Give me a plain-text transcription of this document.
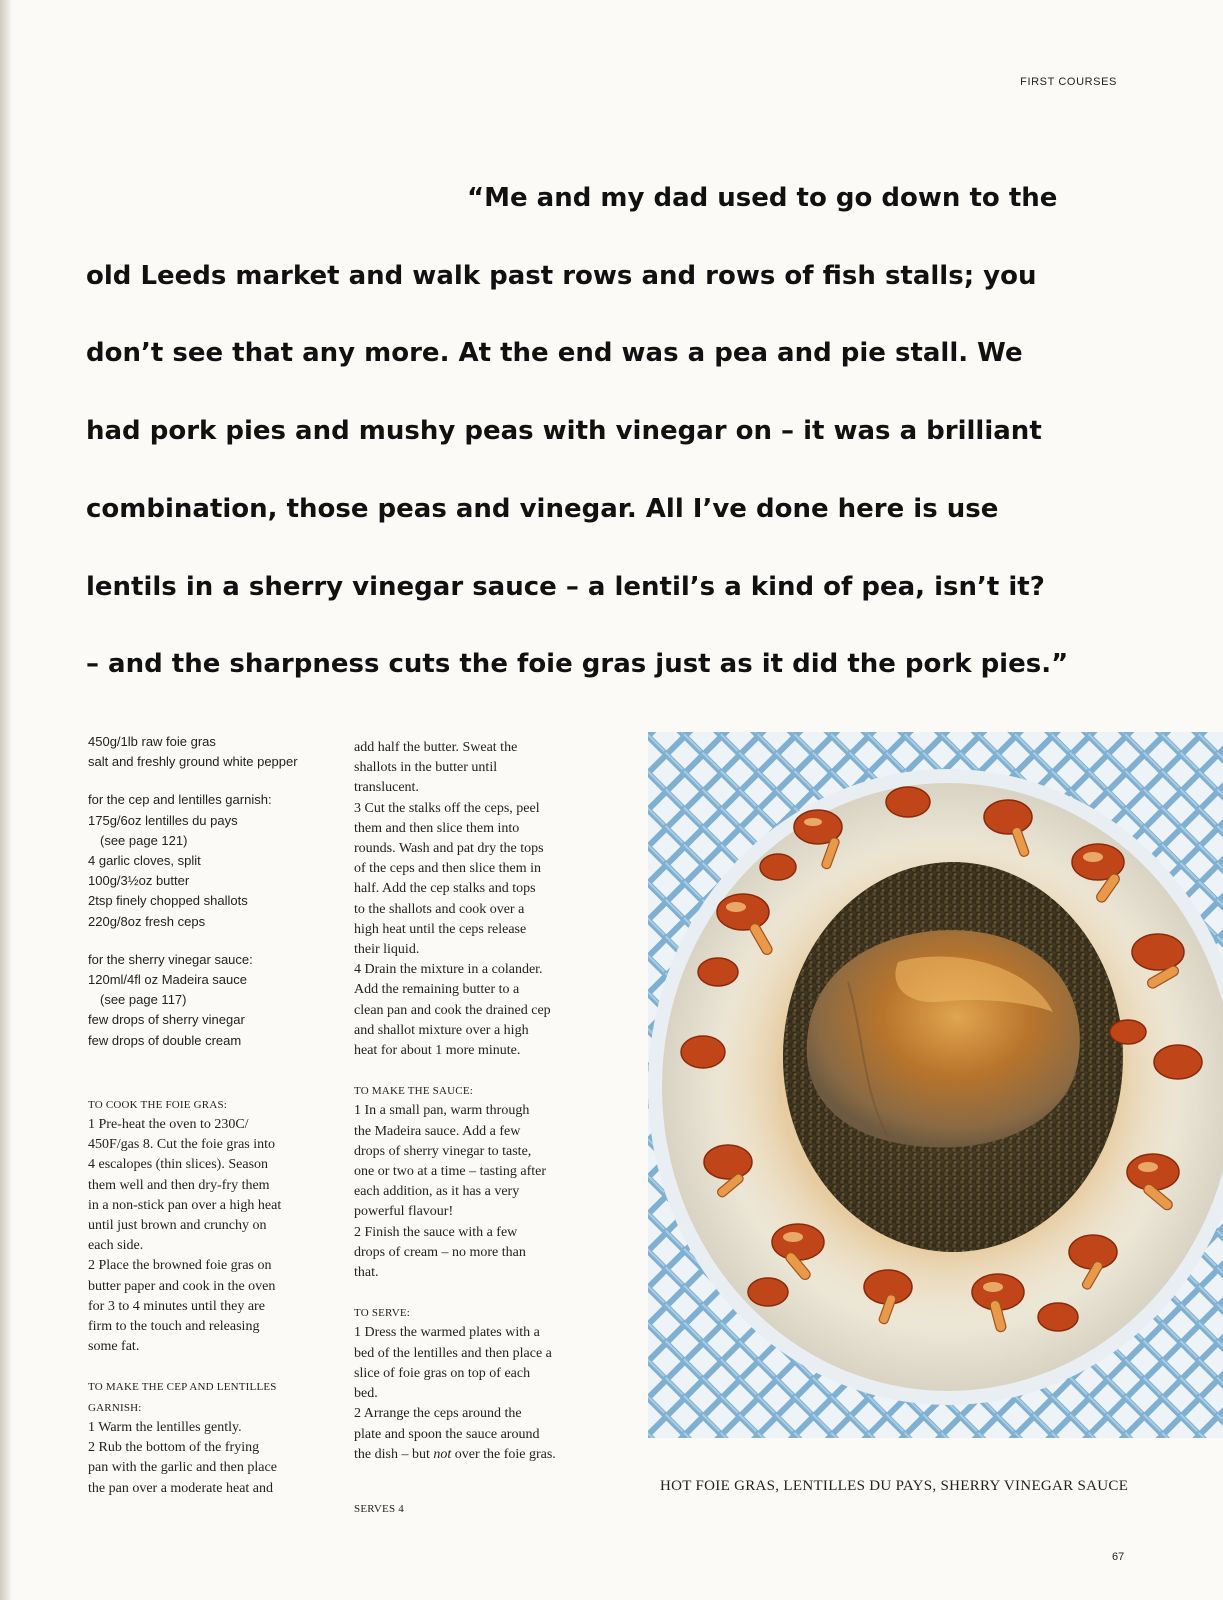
FIRST COURSES
“Me and my dad used to go down to the
old Leeds market and walk past rows and rows of fish stalls; you
don’t see that any more. At the end was a pea and pie stall. We
had pork pies and mushy peas with vinegar on – it was a brilliant
combination, those peas and vinegar. All I’ve done here is use
lentils in a sherry vinegar sauce – a lentil’s a kind of pea, isn’t it?
– and the sharpness cuts the foie gras just as it did the pork pies.”
450g/1lb raw foie gras
salt and freshly ground white pepper
for the cep and lentilles garnish:
175g/6oz lentilles du pays
(see page 121)
4 garlic cloves, split
100g/3½oz butter
2tsp finely chopped shallots
220g/8oz fresh ceps
for the sherry vinegar sauce:
120ml/4fl oz Madeira sauce
(see page 117)
few drops of sherry vinegar
few drops of double cream
TO COOK THE FOIE GRAS:
1 Pre-heat the oven to 230C/
450F/gas 8. Cut the foie gras into
4 escalopes (thin slices). Season
them well and then dry-fry them
in a non-stick pan over a high heat
until just brown and crunchy on
each side.
2 Place the browned foie gras on
butter paper and cook in the oven
for 3 to 4 minutes until they are
firm to the touch and releasing
some fat.
TO MAKE THE CEP AND LENTILLES
GARNISH:
1 Warm the lentilles gently.
2 Rub the bottom of the frying
pan with the garlic and then place
the pan over a moderate heat and
add half the butter. Sweat the
shallots in the butter until
translucent.
3 Cut the stalks off the ceps, peel
them and then slice them into
rounds. Wash and pat dry the tops
of the ceps and then slice them in
half. Add the cep stalks and tops
to the shallots and cook over a
high heat until the ceps release
their liquid.
4 Drain the mixture in a colander.
Add the remaining butter to a
clean pan and cook the drained cep
and shallot mixture over a high
heat for about 1 more minute.
TO MAKE THE SAUCE:
1 In a small pan, warm through
the Madeira sauce. Add a few
drops of sherry vinegar to taste,
one or two at a time – tasting after
each addition, as it has a very
powerful flavour!
2 Finish the sauce with a few
drops of cream – no more than
that.
TO SERVE:
1 Dress the warmed plates with a
bed of the lentilles and then place a
slice of foie gras on top of each
bed.
2 Arrange the ceps around the
plate and spoon the sauce around
the dish – but not over the foie gras.
SERVES 4
HOT FOIE GRAS, LENTILLES DU PAYS, SHERRY VINEGAR SAUCE
67
